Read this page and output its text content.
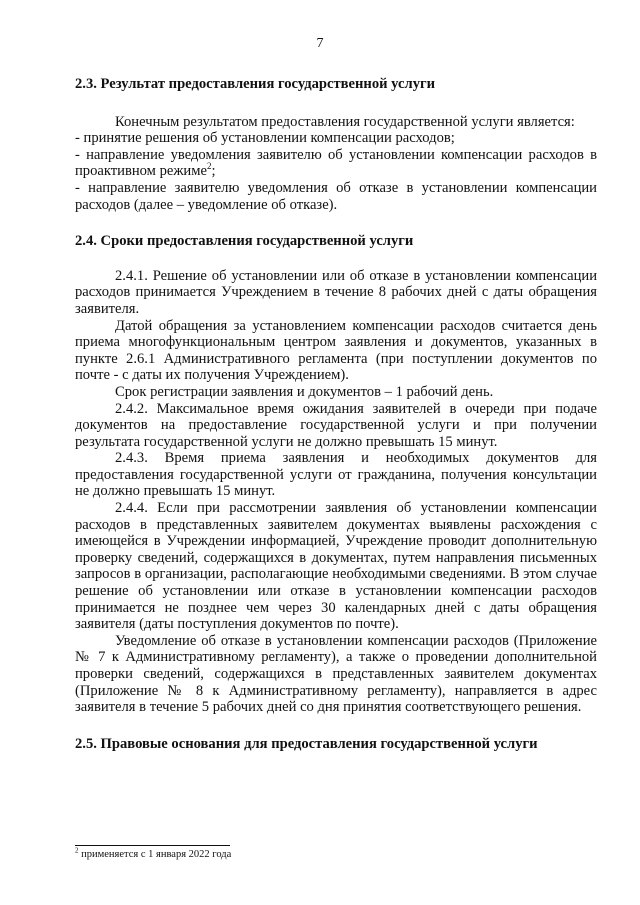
7

2.3. Результат предоставления государственной услуги

Конечным результатом предоставления государственной услуги является:

- принятие решения об установлении компенсации расходов;

- направление уведомления заявителю об установлении компенсации расходов в проактивном режиме$^2$;

- направление заявителю уведомления об отказе в установлении компенсации расходов (далее – уведомление об отказе).

2.4. Сроки предоставления государственной услуги

2.4.1. Решение об установлении или об отказе в установлении компенсации расходов принимается Учреждением в течение 8 рабочих дней с даты обращения заявителя.

Датой обращения за установлением компенсации расходов считается день приема многофункциональным центром заявления и документов, указанных в пункте 2.6.1 Административного регламента (при поступлении документов по почте - с даты их получения Учреждением).

Срок регистрации заявления и документов – 1 рабочий день.

2.4.2. Максимальное время ожидания заявителей в очереди при подаче документов на предоставление государственной услуги и при получении результата государственной услуги не должно превышать 15 минут.

2.4.3. Время приема заявления и необходимых документов для предоставления государственной услуги от гражданина, получения консультации не должно превышать 15 минут.

2.4.4. Если при рассмотрении заявления об установлении компенсации расходов в представленных заявителем документах выявлены расхождения с имеющейся в Учреждении информацией, Учреждение проводит дополнительную проверку сведений, содержащихся в документах, путем направления письменных запросов в организации, располагающие необходимыми сведениями. В этом случае решение об установлении или отказе в установлении компенсации расходов принимается не позднее чем через 30 календарных дней с даты обращения заявителя (даты поступления документов по почте).

Уведомление об отказе в установлении компенсации расходов (Приложение № 7 к Административному регламенту), а также о проведении дополнительной проверки сведений, содержащихся в представленных заявителем документах (Приложение № 8 к Административному регламенту), направляется в адрес заявителя в течение 5 рабочих дней со дня принятия соответствующего решения.

2.5. Правовые основания для предоставления государственной услуги

$^2$ применяется с 1 января 2022 года
